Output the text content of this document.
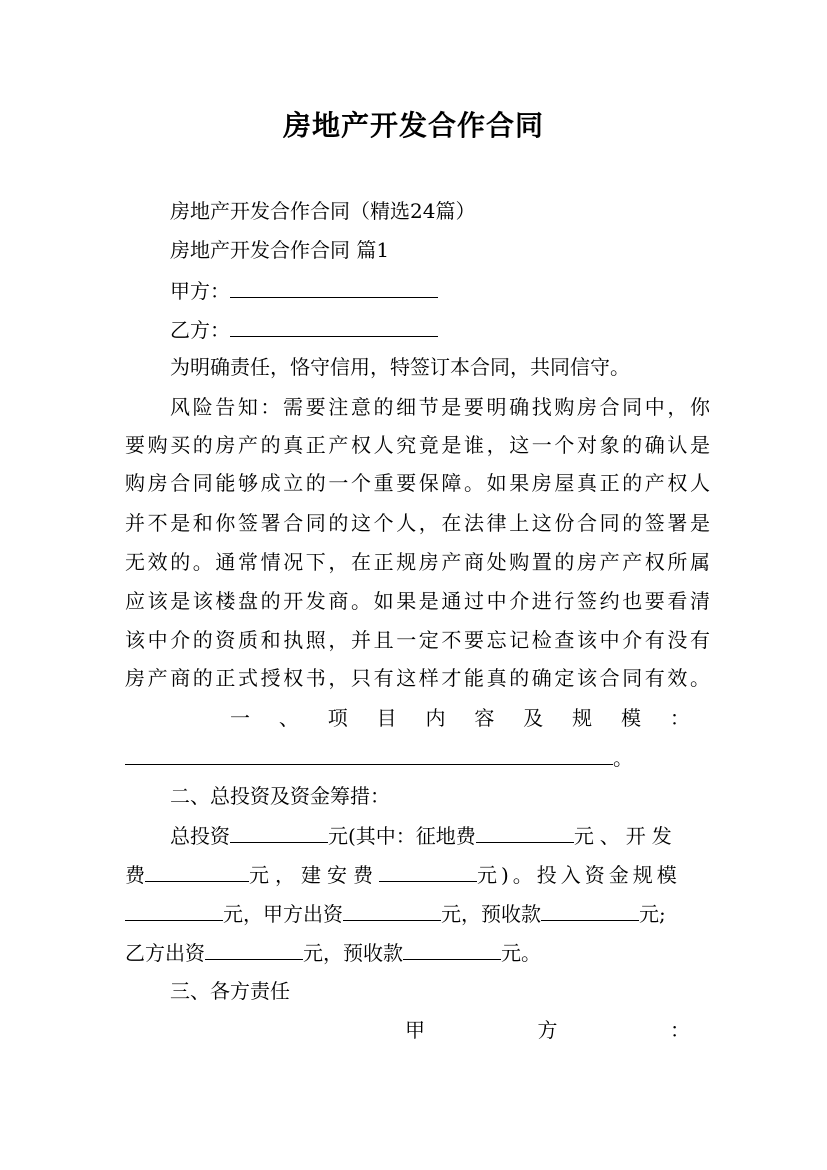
房地产开发合作合同
房地产开发合作合同（精选24篇）
房地产开发合作合同 篇1
甲方：
乙方：
为明确责任，恪守信用，特签订本合同，共同信守。
风险告知：需要注意的细节是要明确找购房合同中，你
要购买的房产的真正产权人究竟是谁，这一个对象的确认是
购房合同能够成立的一个重要保障。如果房屋真正的产权人
并不是和你签署合同的这个人，在法律上这份合同的签署是
无效的。通常情况下，在正规房产商处购置的房产产权所属
应该是该楼盘的开发商。如果是通过中介进行签约也要看清
该中介的资质和执照，并且一定不要忘记检查该中介有没有
房产商的正式授权书，只有这样才能真的确定该合同有效。
一 、 项 目 内 容 及 规 模 ：
。
二、总投资及资金筹措：
总投资	元(其中：征地费	元、开发
费	元，建安费	元)。投入资金规模
元，甲方出资	元，预收款	元;
乙方出资	元，预收款	元。
三、各方责任
甲	方	：
